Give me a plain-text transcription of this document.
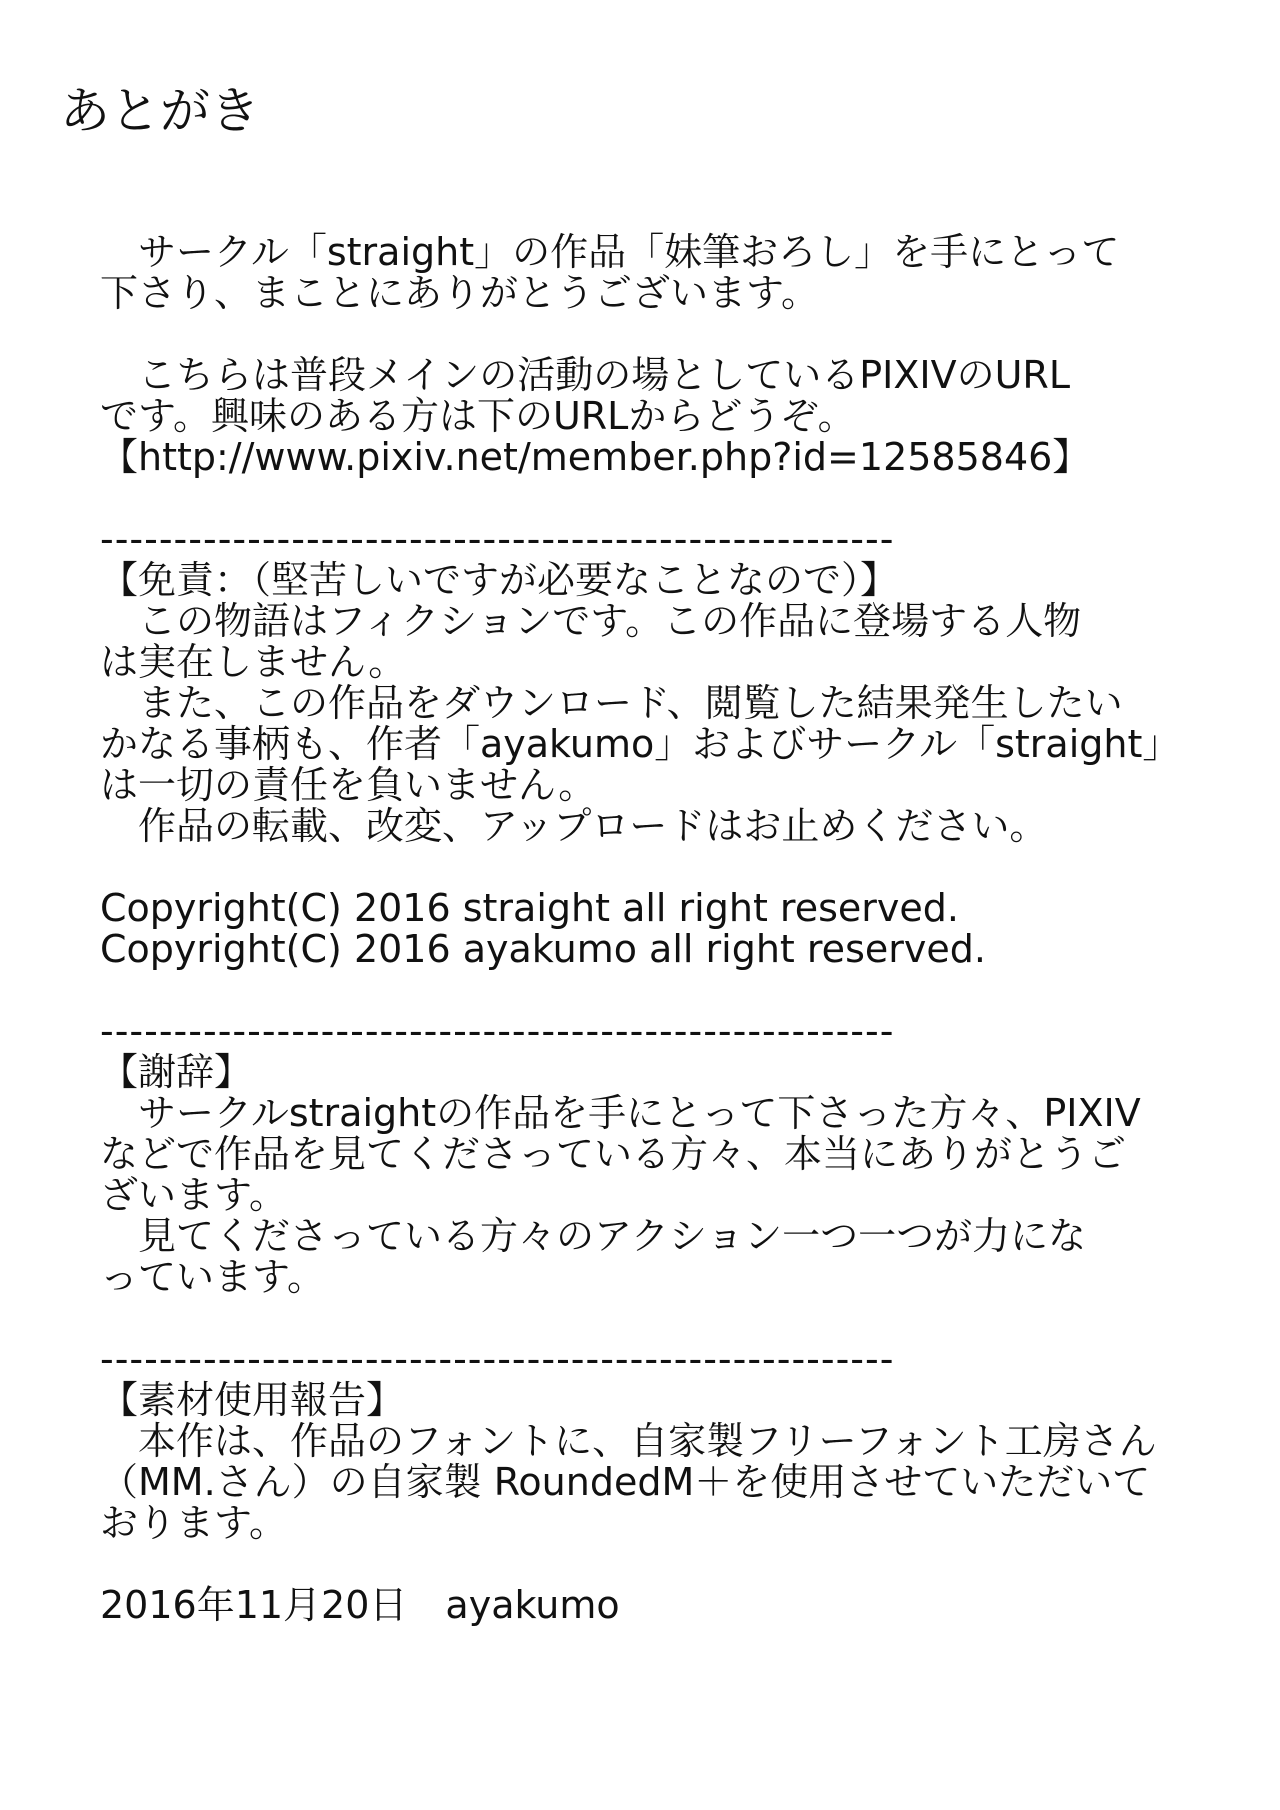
あとがき
　サークル「straight」の作品「妹筆おろし」を手にとって
下さり、まことにありがとうございます。
　こちらは普段メインの活動の場としているPIXIVのURL
です。興味のある方は下のURLからどうぞ。
【http://www.pixiv.net/member.php?id=12585846】
------------------------------------------------------
【免責：（堅苦しいですが必要なことなので）】
　この物語はフィクションです。この作品に登場する人物
は実在しません。
　また、この作品をダウンロード、閲覧した結果発生したい
かなる事柄も、作者「ayakumo」およびサークル「straight」
は一切の責任を負いません。
　作品の転載、改変、アップロードはお止めください。
Copyright(C) 2016 straight all right reserved.
Copyright(C) 2016 ayakumo all right reserved.
------------------------------------------------------
【謝辞】
　サークルstraightの作品を手にとって下さった方々、PIXIV
などで作品を見てくださっている方々、本当にありがとうご
ざいます。
　見てくださっている方々のアクション一つ一つが力にな
っています。
------------------------------------------------------
【素材使用報告】
　本作は、作品のフォントに、自家製フリーフォント工房さん
（MM.さん）の自家製 RoundedM＋を使用させていただいて
おります。
2016年11月20日　ayakumo
